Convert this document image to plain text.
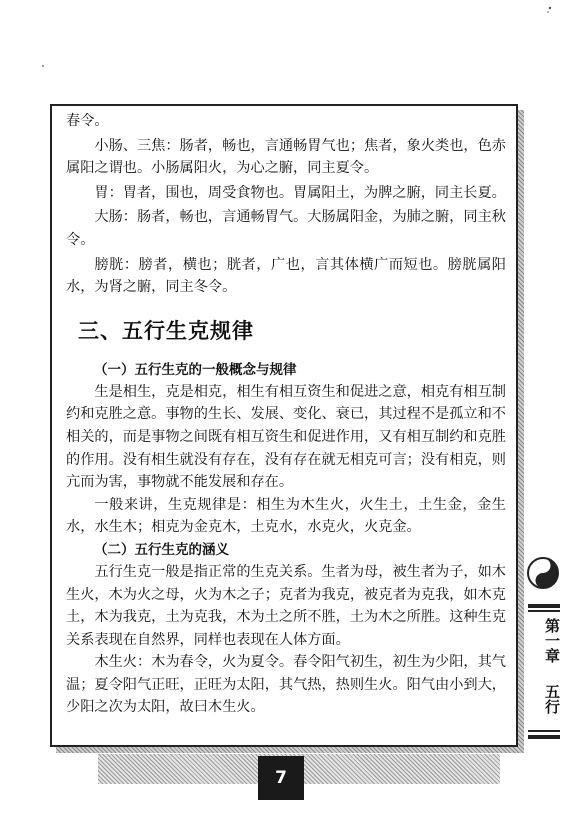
春令。

小肠、三焦：肠者，畅也，言通畅胃气也；焦者，象火类也，色赤属阳之谓也。小肠属阳火，为心之腑，同主夏令。

胃：胃者，围也，周受食物也。胃属阳土，为脾之腑，同主长夏。

大肠：肠者，畅也，言通畅胃气。大肠属阳金，为肺之腑，同主秋令。

膀胱：膀者，横也；胱者，广也，言其体横广而短也。膀胱属阳水，为肾之腑，同主冬令。

三、五行生克规律
（一）五行生克的一般概念与规律

生是相生，克是相克，相生有相互资生和促进之意，相克有相互制约和克胜之意。事物的生长、发展、变化、衰已，其过程不是孤立和不相关的，而是事物之间既有相互资生和促进作用，又有相互制约和克胜的作用。没有相生就没有存在，没有存在就无相克可言；没有相克，则亢而为害，事物就不能发展和存在。

一般来讲，生克规律是：相生为木生火，火生土，土生金，金生水，水生木；相克为金克木，土克水，水克火，火克金。

（二）五行生克的涵义

五行生克一般是指正常的生克关系。生者为母，被生者为子，如木生火，木为火之母，火为木之子；克者为我克，被克者为克我，如木克土，木为我克，土为克我，木为土之所不胜，土为木之所胜。这种生克关系表现在自然界，同样也表现在人体方面。

木生火：木为春令，火为夏令。春令阳气初生，初生为少阳，其气温；夏令阳气正旺，正旺为太阳，其气热，热则生火。阳气由小到大，少阳之次为太阳，故曰木生火。

7
第一章
五行
